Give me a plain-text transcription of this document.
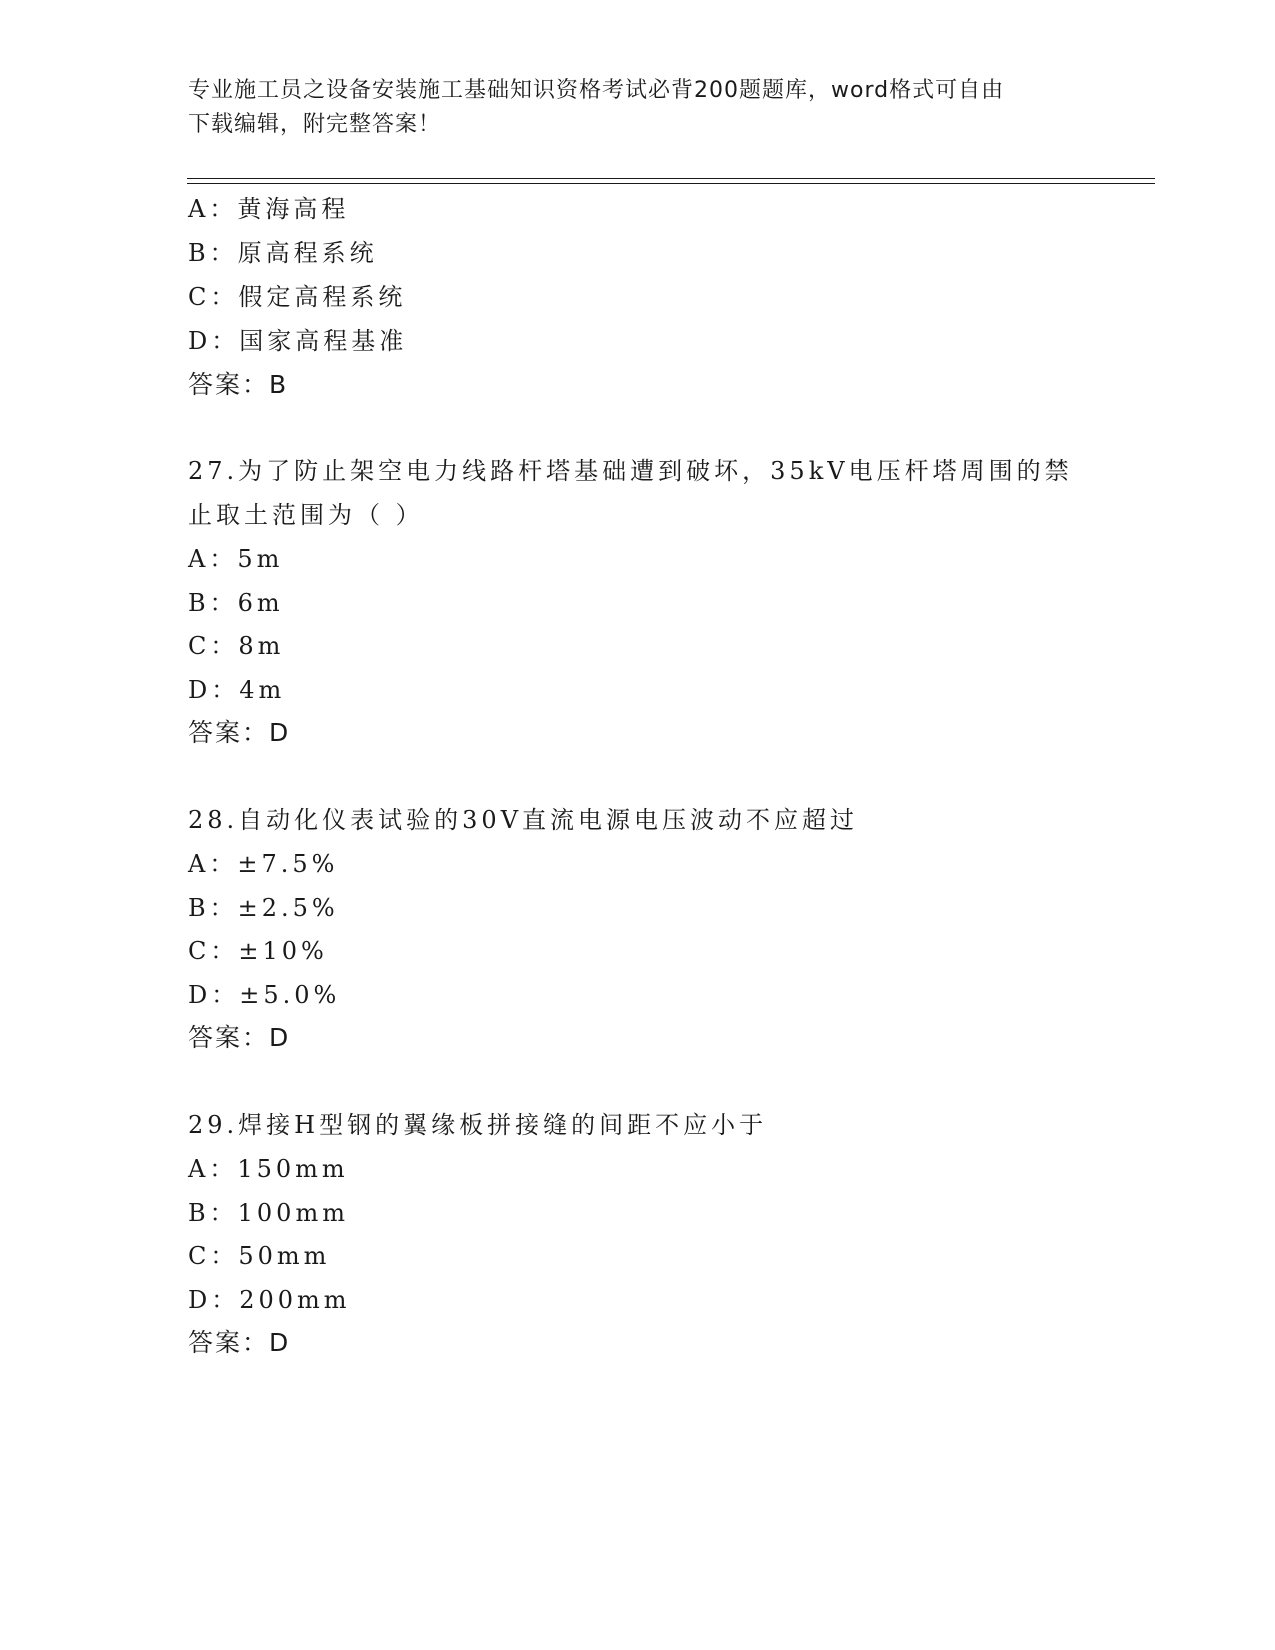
专业施工员之设备安装施工基础知识资格考试必背200题题库，word格式可自由
下载编辑，附完整答案！
A：黄海高程
B：原高程系统
C：假定高程系统
D：国家高程基准
答案：B
27.为了防止架空电力线路杆塔基础遭到破坏，35kV电压杆塔周围的禁
止取土范围为（ ）
A：5m
B：6m
C：8m
D：4m
答案：D
28.自动化仪表试验的30V直流电源电压波动不应超过
A：±7.5%
B：±2.5%
C：±10%
D：±5.0%
答案：D
29.焊接H型钢的翼缘板拼接缝的间距不应小于
A：150mm
B：100mm
C：50mm
D：200mm
答案：D
